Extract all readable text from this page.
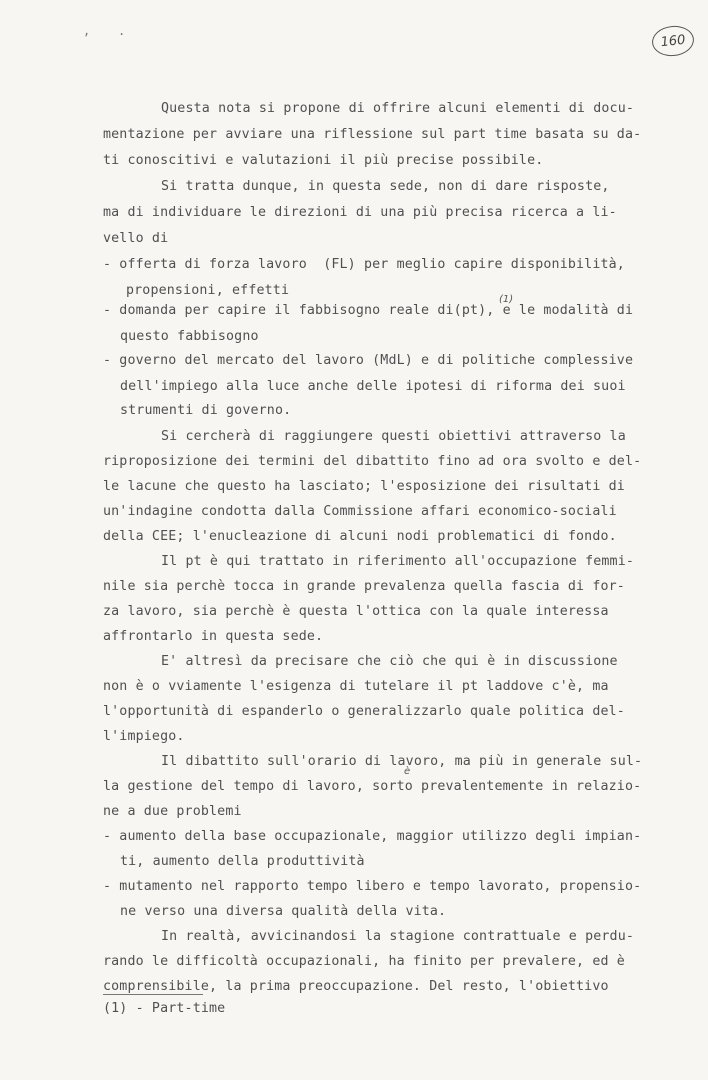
, .
160
Questa nota si propone di offrire alcuni elementi di docu-
mentazione per avviare una riflessione sul part time basata su da-
ti conoscitivi e valutazioni il più precise possibile.
Si tratta dunque, in questa sede, non di dare risposte,
ma di individuare le direzioni di una più precisa ricerca a li-
vello di
- offerta di forza lavoro  (FL) per meglio capire disponibilità,
propensioni, effetti
- domanda per capire il fabbisogno reale di(pt), e le modalità di
(1)
questo fabbisogno
- governo del mercato del lavoro (MdL) e di politiche complessive
dell'impiego alla luce anche delle ipotesi di riforma dei suoi
strumenti di governo.
Si cercherà di raggiungere questi obiettivi attraverso la
riproposizione dei termini del dibattito fino ad ora svolto e del-
le lacune che questo ha lasciato; l'esposizione dei risultati di
un'indagine condotta dalla Commissione affari economico-sociali
della CEE; l'enucleazione di alcuni nodi problematici di fondo.
Il pt è qui trattato in riferimento all'occupazione femmi-
nile sia perchè tocca in grande prevalenza quella fascia di for-
za lavoro, sia perchè è questa l'ottica con la quale interessa
affrontarlo in questa sede.
E' altresì da precisare che ciò che qui è in discussione
non è o vviamente l'esigenza di tutelare il pt laddove c'è, ma
l'opportunità di espanderlo o generalizzarlo quale politica del-
l'impiego.
Il dibattito sull'orario di lavoro, ma più in generale sul-
è
la gestione del tempo di lavoro, sorto prevalentemente in relazio-
ne a due problemi
- aumento della base occupazionale, maggior utilizzo degli impian-
ti, aumento della produttività
- mutamento nel rapporto tempo libero e tempo lavorato, propensio-
ne verso una diversa qualità della vita.
In realtà, avvicinandosi la stagione contrattuale e perdu-
rando le difficoltà occupazionali, ha finito per prevalere, ed è
comprensibile, la prima preoccupazione. Del resto, l'obiettivo
(1) - Part-time
